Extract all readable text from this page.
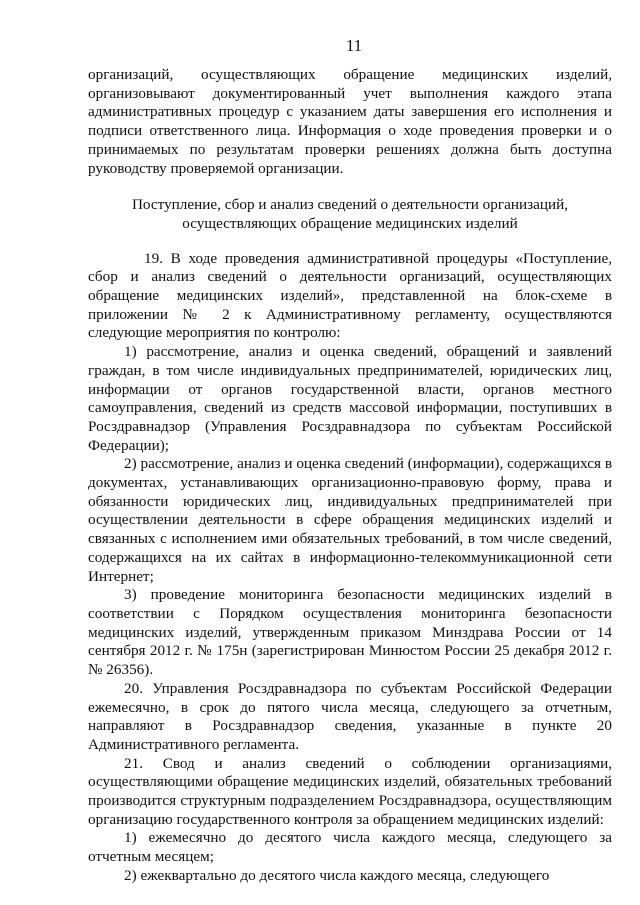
11

организаций, осуществляющих обращение медицинских изделий, организовывают документированный учет выполнения каждого этапа административных процедур с указанием даты завершения его исполнения и подписи ответственного лица. Информация о ходе проведения проверки и о принимаемых по результатам проверки решениях должна быть доступна руководству проверяемой организации.

Поступление, сбор и анализ сведений о деятельности организаций, осуществляющих обращение медицинских изделий

19. В ходе проведения административной процедуры «Поступление, сбор и анализ сведений о деятельности организаций, осуществляющих обращение медицинских изделий», представленной на блок-схеме в приложении № 2 к Административному регламенту, осуществляются следующие мероприятия по контролю:

1) рассмотрение, анализ и оценка сведений, обращений и заявлений граждан, в том числе индивидуальных предпринимателей, юридических лиц, информации от органов государственной власти, органов местного самоуправления, сведений из средств массовой информации, поступивших в Росздравнадзор (Управления Росздравнадзора по субъектам Российской Федерации);

2) рассмотрение, анализ и оценка сведений (информации), содержащихся в документах, устанавливающих организационно-правовую форму, права и обязанности юридических лиц, индивидуальных предпринимателей при осуществлении деятельности в сфере обращения медицинских изделий и связанных с исполнением ими обязательных требований, в том числе сведений, содержащихся на их сайтах в информационно-телекоммуникационной сети Интернет;

3) проведение мониторинга безопасности медицинских изделий в соответствии с Порядком осуществления мониторинга безопасности медицинских изделий, утвержденным приказом Минздрава России от 14 сентября 2012 г. № 175н (зарегистрирован Минюстом России 25 декабря 2012 г. № 26356).

20. Управления Росздравнадзора по субъектам Российской Федерации ежемесячно, в срок до пятого числа месяца, следующего за отчетным, направляют в Росздравнадзор сведения, указанные в пункте 20 Административного регламента.

21. Свод и анализ сведений о соблюдении организациями, осуществляющими обращение медицинских изделий, обязательных требований производится структурным подразделением Росздравнадзора, осуществляющим организацию государственного контроля за обращением медицинских изделий:

1) ежемесячно до десятого числа каждого месяца, следующего за отчетным месяцем;

2) ежеквартально до десятого числа каждого месяца, следующего
